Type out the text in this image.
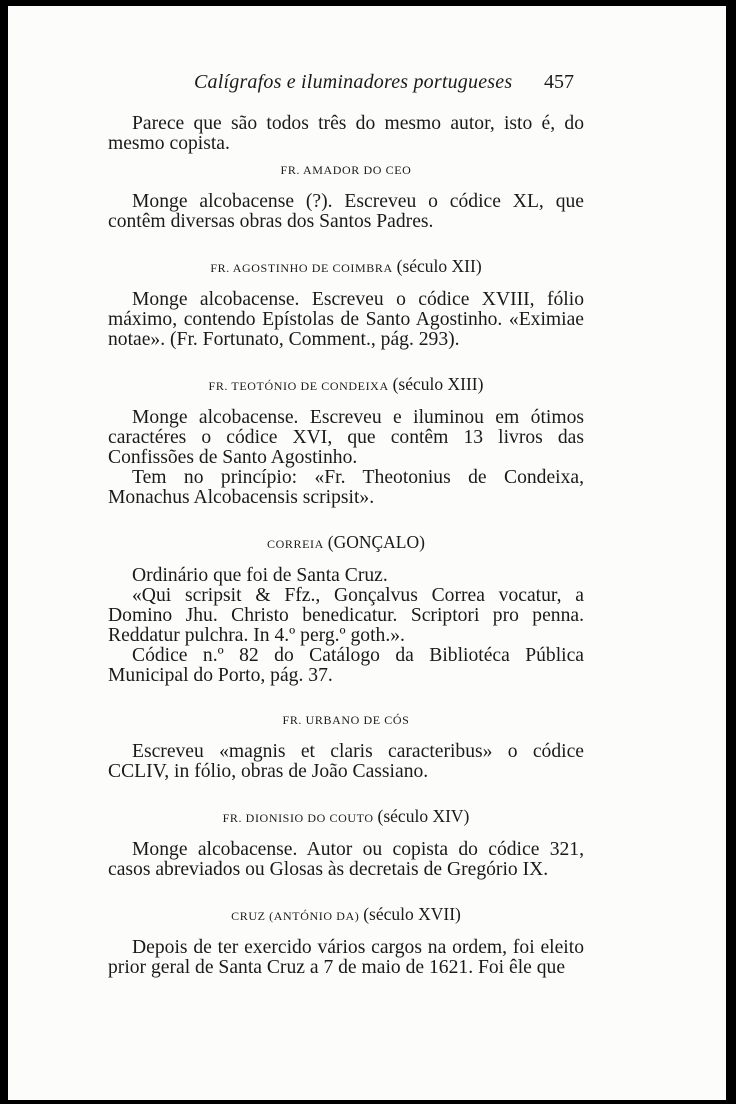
Calígrafos e iluminadores portugueses 457

Parece que são todos três do mesmo autor, isto é, do mesmo copista.

FR. AMADOR DO CEO

Monge alcobacense (?). Escreveu o códice XL, que contêm diversas obras dos Santos Padres.

FR. AGOSTINHO DE COIMBRA (século XII)

Monge alcobacense. Escreveu o códice XVIII, fólio máximo, contendo Epístolas de Santo Agostinho. «Eximiae notae». (Fr. Fortunato, Comment., pág. 293).

FR. TEOTÓNIO DE CONDEIXA (século XIII)

Monge alcobacense. Escreveu e iluminou em ótimos caractéres o códice XVI, que contêm 13 livros das Confissões de Santo Agostinho.

Tem no princípio: «Fr. Theotonius de Condeixa, Monachus Alcobacensis scripsit».

CORREIA (GONÇALO)

Ordinário que foi de Santa Cruz.

«Qui scripsit & Ffz., Gonçalvus Correa vocatur, a Domino Jhu. Christo benedicatur. Scriptori pro penna. Reddatur pulchra. In 4.º perg.º goth.».

Códice n.º 82 do Catálogo da Bibliotéca Pública Municipal do Porto, pág. 37.

FR. URBANO DE CÓS

Escreveu «magnis et claris caracteribus» o códice CCLIV, in fólio, obras de João Cassiano.

FR. DIONISIO DO COUTO (século XIV)

Monge alcobacense. Autor ou copista do códice 321, casos abreviados ou Glosas às decretais de Gregório IX.

CRUZ (ANTÓNIO DA) (século XVII)

Depois de ter exercido vários cargos na ordem, foi eleito prior geral de Santa Cruz a 7 de maio de 1621. Foi êle que
